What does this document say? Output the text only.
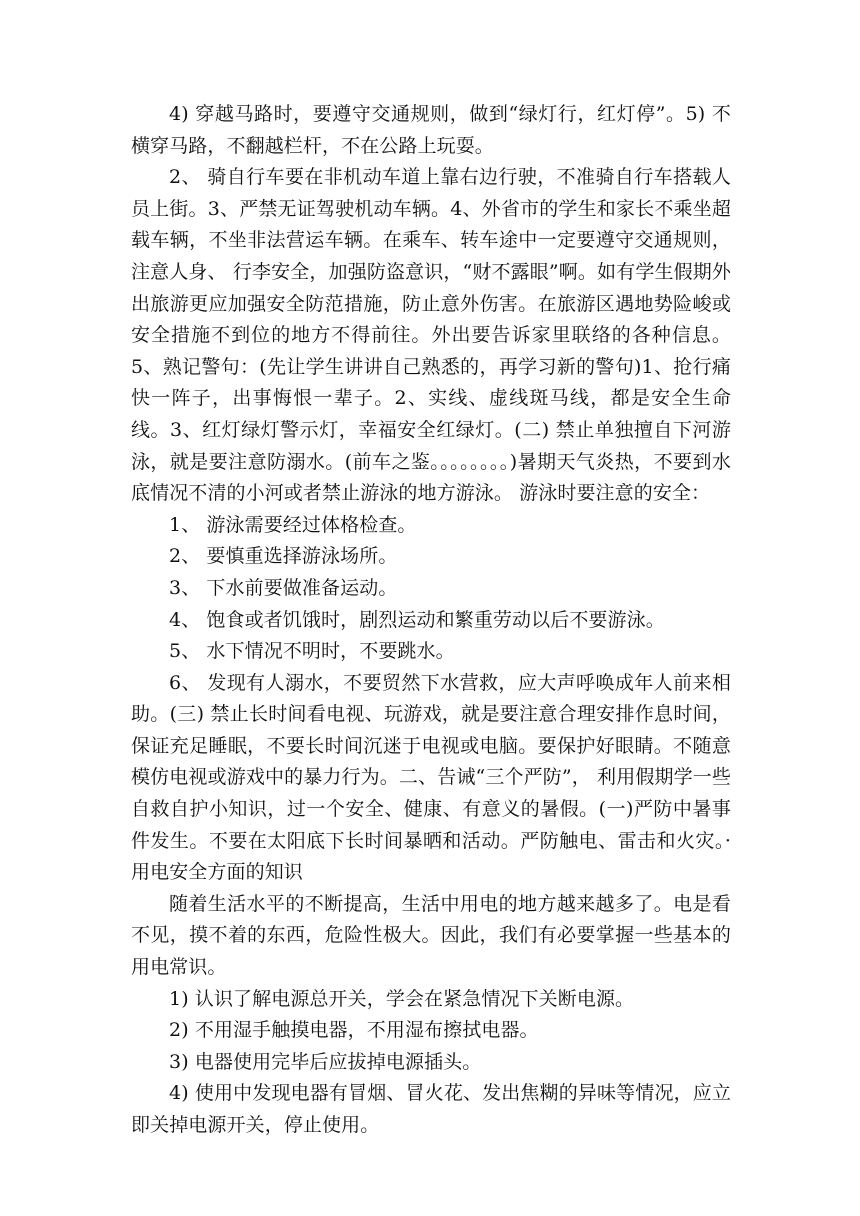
4) 穿越马路时，要遵守交通规则，做到“绿灯行，红灯停”。5) 不横穿马路，不翻越栏杆，不在公路上玩耍。

2、 骑自行车要在非机动车道上靠右边行驶，不准骑自行车搭载人员上街。3、严禁无证驾驶机动车辆。4、外省市的学生和家长不乘坐超载车辆，不坐非法营运车辆。在乘车、转车途中一定要遵守交通规则，注意人身、 行李安全，加强防盗意识，“财不露眼”啊。如有学生假期外出旅游更应加强安全防范措施，防止意外伤害。在旅游区遇地势险峻或安全措施不到位的地方不得前往。外出要告诉家里联络的各种信息。5、熟记警句：(先让学生讲讲自己熟悉的，再学习新的警句)1、抢行痛快一阵子，出事悔恨一辈子。2、实线、虚线斑马线，都是安全生命线。3、红灯绿灯警示灯，幸福安全红绿灯。(二) 禁止单独擅自下河游泳，就是要注意防溺水。(前车之鉴。。。。。。。。)暑期天气炎热，不要到水底情况不清的小河或者禁止游泳的地方游泳。 游泳时要注意的安全：

1、 游泳需要经过体格检查。

2、 要慎重选择游泳场所。

3、 下水前要做准备运动。

4、 饱食或者饥饿时，剧烈运动和繁重劳动以后不要游泳。

5、 水下情况不明时，不要跳水。

6、 发现有人溺水，不要贸然下水营救，应大声呼唤成年人前来相助。(三) 禁止长时间看电视、玩游戏，就是要注意合理安排作息时间，保证充足睡眠，不要长时间沉迷于电视或电脑。要保护好眼睛。不随意模仿电视或游戏中的暴力行为。二、告诫“三个严防”， 利用假期学一些自救自护小知识，过一个安全、健康、有意义的暑假。(一)严防中暑事件发生。不要在太阳底下长时间暴晒和活动。严防触电、雷击和火灾。·用电安全方面的知识

随着生活水平的不断提高，生活中用电的地方越来越多了。电是看不见，摸不着的东西，危险性极大。因此，我们有必要掌握一些基本的用电常识。

1) 认识了解电源总开关，学会在紧急情况下关断电源。

2) 不用湿手触摸电器，不用湿布擦拭电器。

3) 电器使用完毕后应拔掉电源插头。

4) 使用中发现电器有冒烟、冒火花、发出焦糊的异味等情况，应立即关掉电源开关，停止使用。
